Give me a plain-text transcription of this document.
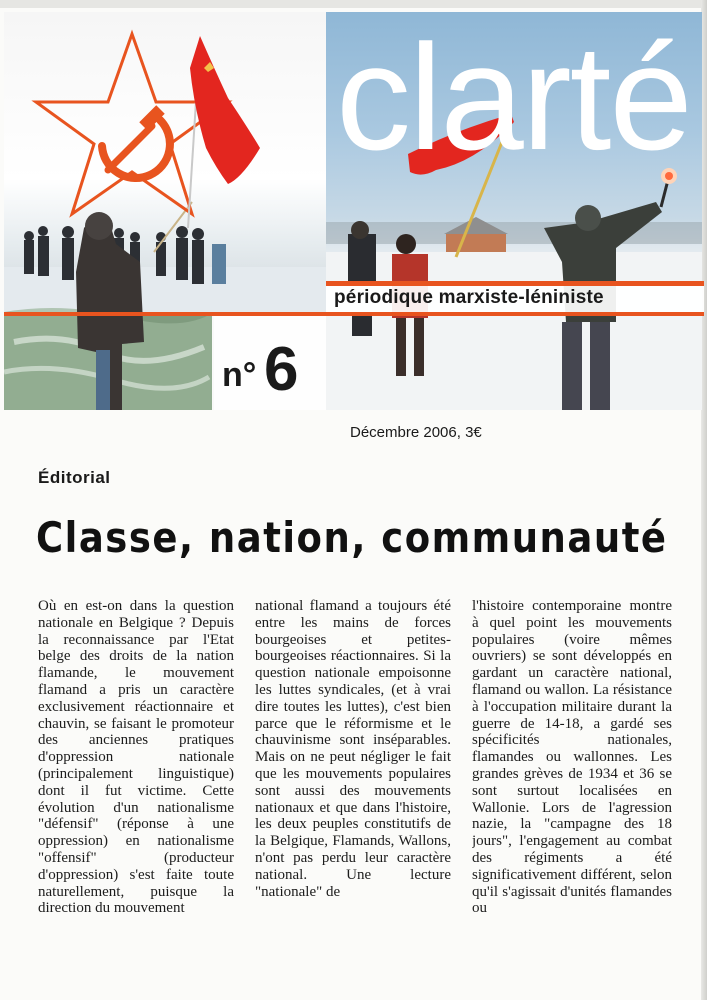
clarté
périodique marxiste-léniniste
n° 6
Décembre 2006, 3€
Éditorial
Classe, nation, communauté

Où en est-on dans la question nationale en Belgique ? Depuis la reconnaissance par l'Etat belge des droits de la nation flamande, le mouvement flamand a pris un caractère exclusivement réactionnaire et chauvin, se faisant le promoteur des anciennes pratiques d'oppression nationale (principalement linguistique) dont il fut victime. Cette évolution d'un nationalisme "défensif" (réponse à une oppression) en nationalisme "offensif" (producteur d'oppression) s'est faite toute naturellement, puisque la direction du mouvement

national flamand a toujours été entre les mains de forces bourgeoises et petites-bourgeoises réactionnaires. Si la question nationale empoisonne les luttes syndicales, (et à vrai dire toutes les luttes), c'est bien parce que le réformisme et le chauvinisme sont inséparables. Mais on ne peut négliger le fait que les mouvements populaires sont aussi des mouvements nationaux et que dans l'histoire, les deux peuples constitutifs de la Belgique, Flamands, Wallons, n'ont pas perdu leur caractère national. Une lecture "nationale" de

l'histoire contemporaine montre à quel point les mouvements populaires (voire mêmes ouvriers) se sont développés en gardant un caractère national, flamand ou wallon. La résistance à l'occupation militaire durant la guerre de 14-18, a gardé ses spécificités nationales, flamandes ou wallonnes. Les grandes grèves de 1934 et 36 se sont surtout localisées en Wallonie. Lors de l'agression nazie, la "campagne des 18 jours", l'engagement au combat des régiments a été significativement différent, selon qu'il s'agissait d'unités flamandes ou
